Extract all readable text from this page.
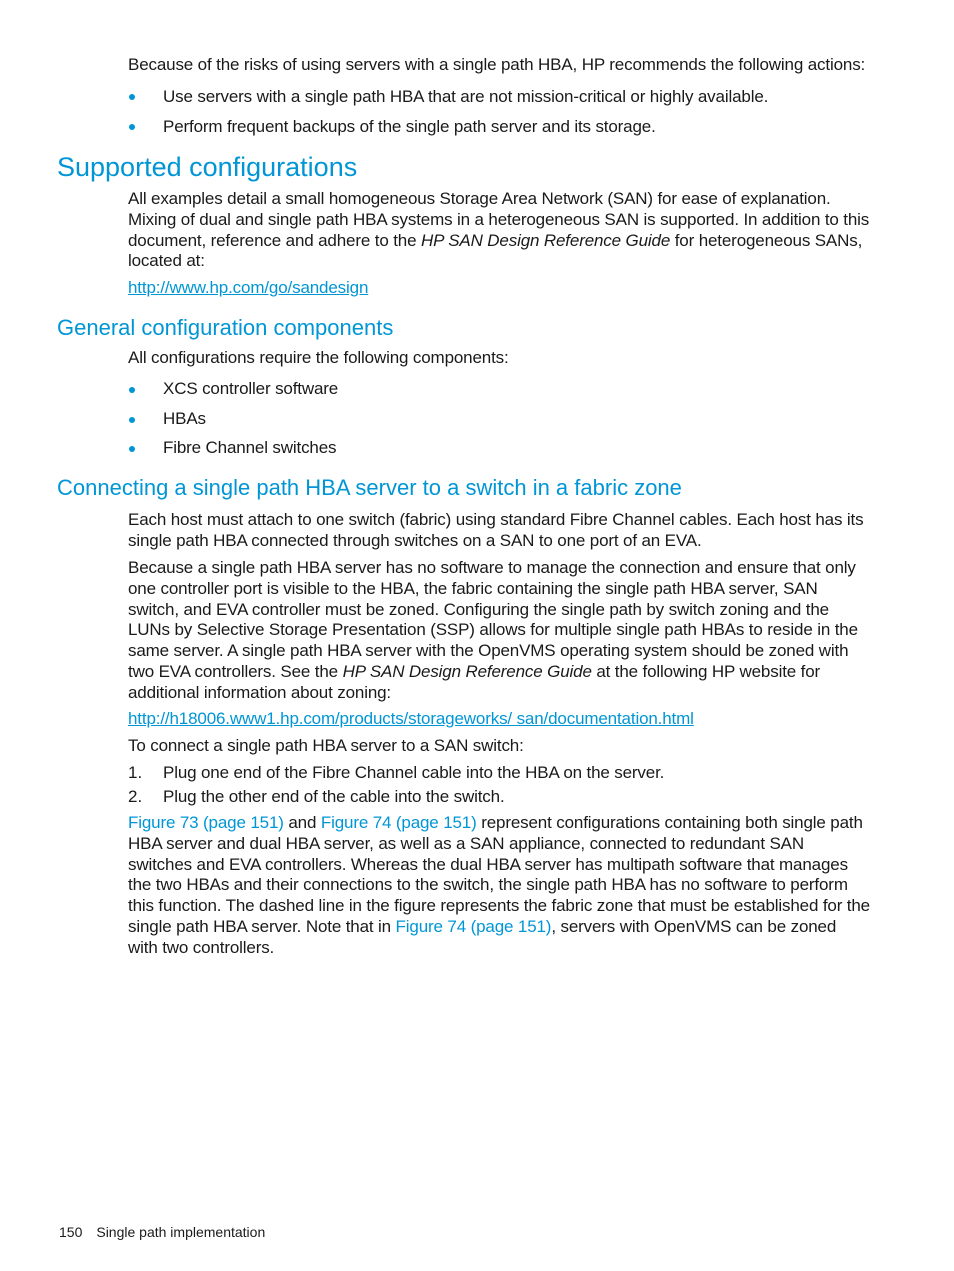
Because of the risks of using servers with a single path HBA, HP recommends the following actions:
Use servers with a single path HBA that are not mission-critical or highly available.
Perform frequent backups of the single path server and its storage.
Supported configurations
All examples detail a small homogeneous Storage Area Network (SAN) for ease of explanation. Mixing of dual and single path HBA systems in a heterogeneous SAN is supported. In addition to this document, reference and adhere to the HP SAN Design Reference Guide for heterogeneous SANs, located at:
http://www.hp.com/go/sandesign
General configuration components
All configurations require the following components:
XCS controller software
HBAs
Fibre Channel switches
Connecting a single path HBA server to a switch in a fabric zone
Each host must attach to one switch (fabric) using standard Fibre Channel cables. Each host has its single path HBA connected through switches on a SAN to one port of an EVA.
Because a single path HBA server has no software to manage the connection and ensure that only one controller port is visible to the HBA, the fabric containing the single path HBA server, SAN switch, and EVA controller must be zoned. Configuring the single path by switch zoning and the LUNs by Selective Storage Presentation (SSP) allows for multiple single path HBAs to reside in the same server. A single path HBA server with the OpenVMS operating system should be zoned with two EVA controllers. See the HP SAN Design Reference Guide at the following HP website for additional information about zoning:
http://h18006.www1.hp.com/products/storageworks/ san/documentation.html
To connect a single path HBA server to a SAN switch:
1. Plug one end of the Fibre Channel cable into the HBA on the server.
2. Plug the other end of the cable into the switch.
Figure 73 (page 151) and Figure 74 (page 151) represent configurations containing both single path HBA server and dual HBA server, as well as a SAN appliance, connected to redundant SAN switches and EVA controllers. Whereas the dual HBA server has multipath software that manages the two HBAs and their connections to the switch, the single path HBA has no software to perform this function. The dashed line in the figure represents the fabric zone that must be established for the single path HBA server. Note that in Figure 74 (page 151), servers with OpenVMS can be zoned with two controllers.
150 Single path implementation
